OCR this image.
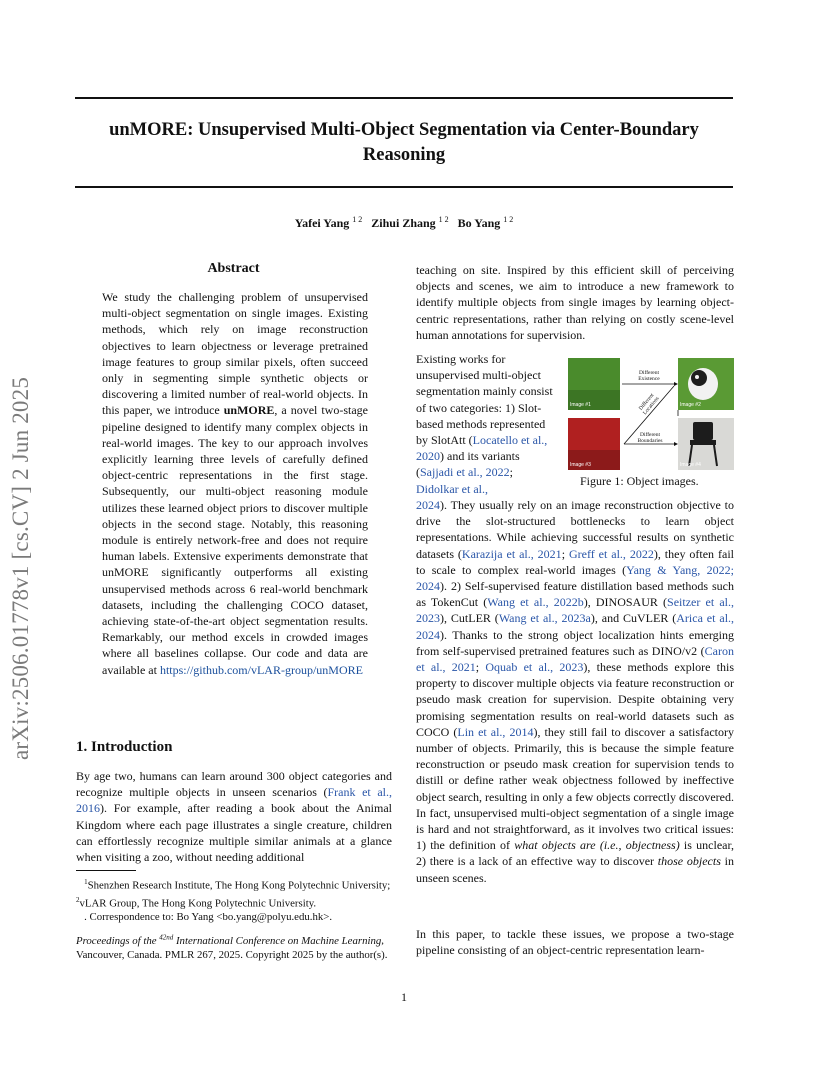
arXiv:2506.01778v1 [cs.CV] 2 Jun 2025
unMORE: Unsupervised Multi-Object Segmentation via Center-Boundary
Reasoning
Yafei Yang $^{1 2}$ Zihui Zhang $^{1 2}$ Bo Yang $^{1 2}$
Abstract
We study the challenging problem of unsupervised multi-object segmentation on single images. Existing methods, which rely on image reconstruction objectives to learn objectness or leverage pretrained image features to group similar pixels, often succeed only in segmenting simple synthetic objects or discovering a limited number of real-world objects. In this paper, we introduce unMORE, a novel two-stage pipeline designed to identify many complex objects in real-world images. The key to our approach involves explicitly learning three levels of carefully defined object-centric representations in the first stage. Subsequently, our multi-object reasoning module utilizes these learned object priors to discover multiple objects in the second stage. Notably, this reasoning module is entirely network-free and does not require human labels. Extensive experiments demonstrate that unMORE significantly outperforms all existing unsupervised methods across 6 real-world benchmark datasets, including the challenging COCO dataset, achieving state-of-the-art object segmentation results. Remarkably, our method excels in crowded images where all baselines collapse. Our code and data are available at https://github.com/vLAR-group/unMORE
1. Introduction
By age two, humans can learn around 300 object categories and recognize multiple objects in unseen scenarios (Frank et al., 2016). For example, after reading a book about the Animal Kingdom where each page illustrates a single creature, children can effortlessly recognize multiple similar animals at a glance when visiting a zoo, without needing additional
$^1$Shenzhen Research Institute, The Hong Kong Polytechnic University; $^2$vLAR Group, The Hong Kong Polytechnic University.
. Correspondence to: Bo Yang <bo.yang@polyu.edu.hk>.
Proceedings of the $^{42nd}$ International Conference on Machine Learning, Vancouver, Canada. PMLR 267, 2025. Copyright 2025 by the author(s).
teaching on site. Inspired by this efficient skill of perceiving objects and scenes, we aim to introduce a new framework to identify multiple objects from single images by learning object-centric representations, rather than relying on costly scene-level human annotations for supervision.
Existing works for unsupervised multi-object segmentation mainly consist of two categories: 1) Slot-based methods represented by SlotAtt (Locatello et al., 2020) and its variants (Sajjadi et al., 2022; Didolkar et al.,
Image #1	Image #2
Image #3	Image #4
Different Existence
Different Locations
Different Boundaries
Figure 1: Object images.
2024). They usually rely on an image reconstruction objective to drive the slot-structured bottlenecks to learn object representations. While achieving successful results on synthetic datasets (Karazija et al., 2021; Greff et al., 2022), they often fail to scale to complex real-world images (Yang & Yang, 2022; 2024). 2) Self-supervised feature distillation based methods such as TokenCut (Wang et al., 2022b), DINOSAUR (Seitzer et al., 2023), CutLER (Wang et al., 2023a), and CuVLER (Arica et al., 2024). Thanks to the strong object localization hints emerging from self-supervised pretrained features such as DINO/v2 (Caron et al., 2021; Oquab et al., 2023), these methods explore this property to discover multiple objects via feature reconstruction or pseudo mask creation for supervision. Despite obtaining very promising segmentation results on real-world datasets such as COCO (Lin et al., 2014), they still fail to discover a satisfactory number of objects. Primarily, this is because the simple feature reconstruction or pseudo mask creation for supervision tends to distill or define rather weak objectness followed by ineffective object search, resulting in only a few objects correctly discovered. In fact, unsupervised multi-object segmentation of a single image is hard and not straightforward, as it involves two critical issues: 1) the definition of what objects are (i.e., objectness) is unclear, 2) there is a lack of an effective way to discover those objects in unseen scenes.
In this paper, to tackle these issues, we propose a two-stage pipeline consisting of an object-centric representation learn-
1
